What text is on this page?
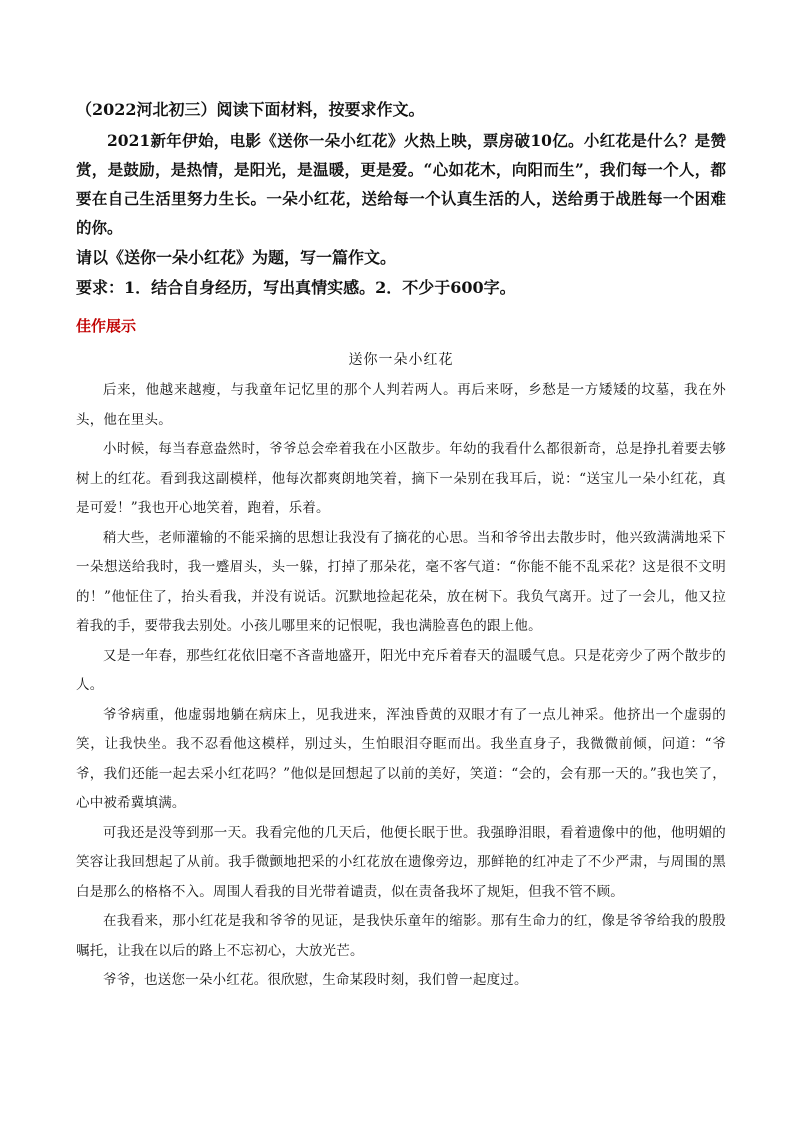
（2022河北初三）阅读下面材料，按要求作文。

2021新年伊始，电影《送你一朵小红花》火热上映，票房破10亿。小红花是什么？是赞赏，是鼓励，是热情，是阳光，是温暖，更是爱。“心如花木，向阳而生”，我们每一个人，都要在自己生活里努力生长。一朵小红花，送给每一个认真生活的人，送给勇于战胜每一个困难的你。

请以《送你一朵小红花》为题，写一篇作文。

要求：1．结合自身经历，写出真情实感。2．不少于600字。

佳作展示

送你一朵小红花

后来，他越来越瘦，与我童年记忆里的那个人判若两人。再后来呀，乡愁是一方矮矮的坟墓，我在外头，他在里头。

小时候，每当春意盎然时，爷爷总会牵着我在小区散步。年幼的我看什么都很新奇，总是挣扎着要去够树上的红花。看到我这副模样，他每次都爽朗地笑着，摘下一朵别在我耳后，说：“送宝儿一朵小红花，真是可爱！”我也开心地笑着，跑着，乐着。

稍大些，老师灌输的不能采摘的思想让我没有了摘花的心思。当和爷爷出去散步时，他兴致满满地采下一朵想送给我时，我一蹙眉头，头一躲，打掉了那朵花，毫不客气道：“你能不能不乱采花？这是很不文明的！”他怔住了，抬头看我，并没有说话。沉默地捡起花朵，放在树下。我负气离开。过了一会儿，他又拉着我的手，要带我去别处。小孩儿哪里来的记恨呢，我也满脸喜色的跟上他。

又是一年春，那些红花依旧毫不吝啬地盛开，阳光中充斥着春天的温暖气息。只是花旁少了两个散步的人。

爷爷病重，他虚弱地躺在病床上，见我进来，浑浊昏黄的双眼才有了一点儿神采。他挤出一个虚弱的笑，让我快坐。我不忍看他这模样，别过头，生怕眼泪夺眶而出。我坐直身子，我微微前倾，问道：“爷爷，我们还能一起去采小红花吗？”他似是回想起了以前的美好，笑道：“会的，会有那一天的。”我也笑了，心中被希冀填满。

可我还是没等到那一天。我看完他的几天后，他便长眠于世。我强睁泪眼，看着遗像中的他，他明媚的笑容让我回想起了从前。我手微颤地把采的小红花放在遗像旁边，那鲜艳的红冲走了不少严肃，与周围的黑白是那么的格格不入。周围人看我的目光带着谴责，似在责备我坏了规矩，但我不管不顾。

在我看来，那小红花是我和爷爷的见证，是我快乐童年的缩影。那有生命力的红，像是爷爷给我的殷殷嘱托，让我在以后的路上不忘初心，大放光芒。

爷爷，也送您一朵小红花。很欣慰，生命某段时刻，我们曾一起度过。
